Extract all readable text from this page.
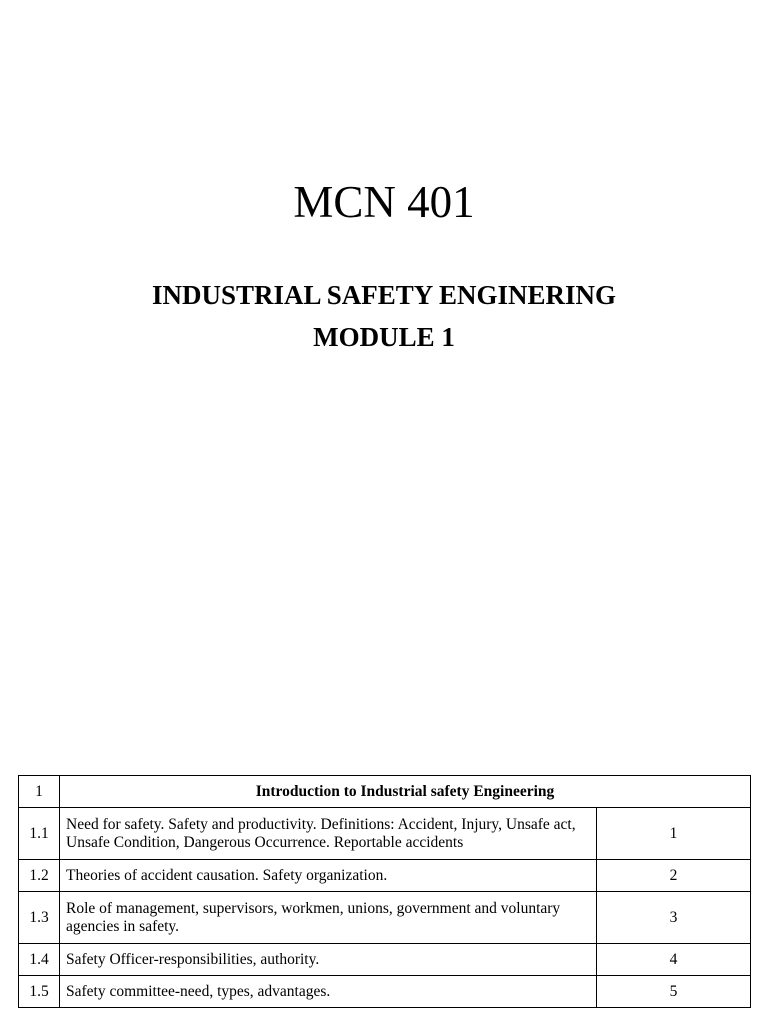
MCN 401
INDUSTRIAL SAFETY ENGINERING
MODULE 1
1	Introduction to Industrial safety Engineering	
1.1	Need for safety. Safety and productivity. Definitions: Accident, Injury, Unsafe act, Unsafe Condition, Dangerous Occurrence. Reportable accidents	1
1.2	Theories of accident causation. Safety organization.	2
1.3	Role of management, supervisors, workmen, unions, government and voluntary agencies in safety.	3
1.4	Safety Officer-responsibilities, authority.	4
1.5	Safety committee-need, types, advantages.	5
